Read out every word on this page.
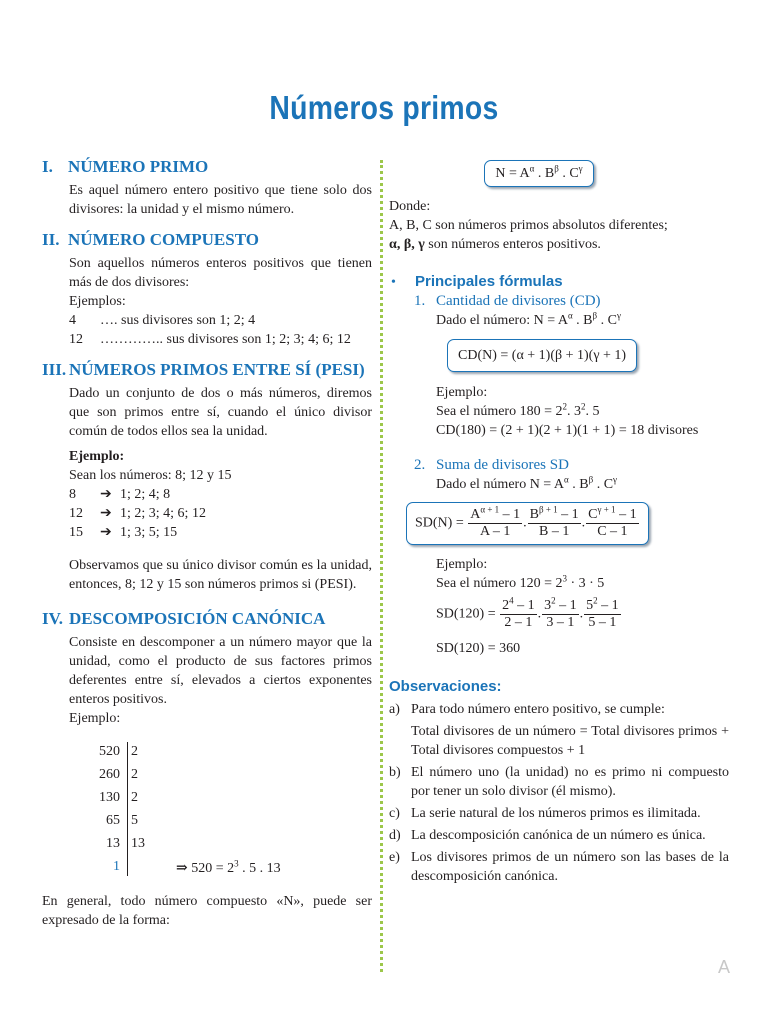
Números primos
I. NÚMERO PRIMO

Es aquel número entero positivo que tiene solo dos divisores: la unidad y el mismo número.

II. NÚMERO COMPUESTO

Son aquellos números enteros positivos que tienen más de dos divisores:

Ejemplos:

4	…. sus divisores son 1; 2; 4
12	………….. sus divisores son 1; 2; 3; 4; 6; 12
III. NÚMEROS PRIMOS ENTRE SÍ (PESI)

Dado un conjunto de dos o más números, diremos que son primos entre sí, cuando el único divisor común de todos ellos sea la unidad.

Ejemplo:

Sean los números: 8; 12 y 15

8	➔ 1; 2; 4; 8
12	➔ 1; 2; 3; 4; 6; 12
15	➔ 1; 3; 5; 15

Observamos que su único divisor común es la unidad, entonces, 8; 12 y 15 son números primos si (PESI).

IV. DESCOMPOSICIÓN CANÓNICA

Consiste en descomponer a un número mayor que la unidad, como el producto de sus factores primos deferentes entre sí, elevados a ciertos exponentes enteros positivos.

Ejemplo:

520 2
260 2
130 2
65 5
13 13
1	⇒ $520 = 2^3$ . 5 . 13

En general, todo número compuesto «N», puede ser expresado de la forma:

$N = A^\alpha$ . $B^\beta$ . $C^\gamma$

Donde:

A, B, C son números primos absolutos diferentes;

α, β, γ son números enteros positivos.

• Principales fórmulas
1. Cantidad de divisores (CD)

Dado el número: $N = A^\alpha$ . $B^\beta$ . $C^\gamma$

CD(N) = (α + 1)(β + 1)(γ + 1)

Ejemplo:

Sea el número $180 = 2^2$. $3^2$. 5

CD(180) = (2 + 1)(2 + 1)(1 + 1) = 18 divisores

2. Suma de divisores SD

Dado el número $N = A^\alpha$ . $B^\beta$ . $C^\gamma$

$SD(N) = \frac{A^{\alpha + 1} - 1}{A - 1}$ . $\frac{B^{\beta + 1} - 1}{B - 1}$ . $\frac{C^{\gamma + 1} - 1}{C - 1}$

Ejemplo:

Sea el número $120 = 2^3 \cdot 3 \cdot 5$

$SD(120) = \frac{2^4 - 1}{2 - 1}$ . $\frac{3^2 - 1}{3 - 1}$ . $\frac{5^2 - 1}{5 - 1}$

SD(120) = 360

Observaciones:
a) Para todo número entero positivo, se cumple:
Total divisores de un número = Total divisores primos + Total divisores compuestos + 1
b) El número uno (la unidad) no es primo ni compuesto por tener un solo divisor (él mismo).
c) La serie natural de los números primos es ilimitada.
d) La descomposición canónica de un número es única.
e) Los divisores primos de un número son las bases de la descomposición canónica.
A
